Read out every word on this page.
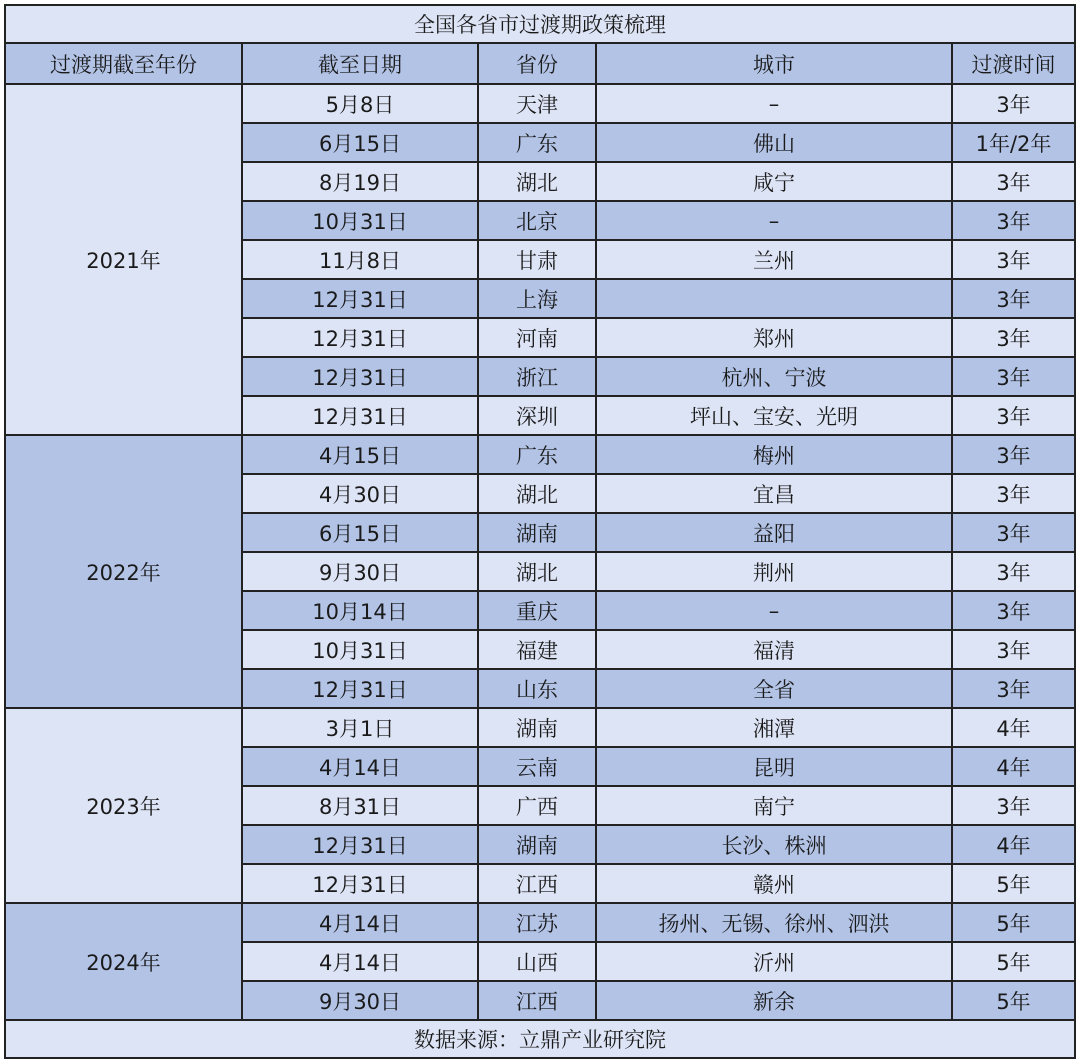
全国各省市过渡期政策梳理				
过渡期截至年份	截至日期	省份	城市	过渡时间
2021年	5月8日	天津	–	3年
	6月15日	广东	佛山	1年/2年
	8月19日	湖北	咸宁	3年
	10月31日	北京	–	3年
	11月8日	甘肃	兰州	3年
	12月31日	上海		3年
	12月31日	河南	郑州	3年
	12月31日	浙江	杭州、宁波	3年
	12月31日	深圳	坪山、宝安、光明	3年
2022年	4月15日	广东	梅州	3年
	4月30日	湖北	宜昌	3年
	6月15日	湖南	益阳	3年
	9月30日	湖北	荆州	3年
	10月14日	重庆	–	3年
	10月31日	福建	福清	3年
	12月31日	山东	全省	3年
2023年	3月1日	湖南	湘潭	4年
	4月14日	云南	昆明	4年
	8月31日	广西	南宁	3年
	12月31日	湖南	长沙、株洲	4年
	12月31日	江西	赣州	5年
2024年	4月14日	江苏	扬州、无锡、徐州、泗洪	5年
	4月14日	山西	沂州	5年
	9月30日	江西	新余	5年
数据来源：立鼎产业研究院				
